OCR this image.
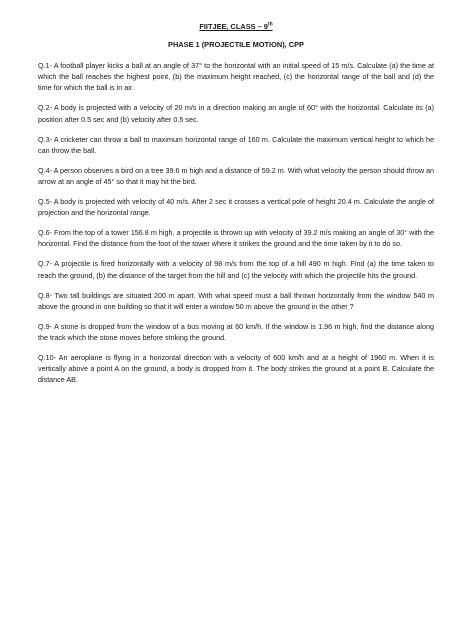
FIITJEE, CLASS – 9th

PHASE 1 (PROJECTILE MOTION), CPP

Q.1- A football player kicks a ball at an angle of 37° to the horizontal with an initial speed of 15 m/s. Calculate (a) the time at which the ball reaches the highest point, (b) the maximum height reached, (c) the horizontal range of the ball and (d) the time for which the ball is in air.

Q.2- A body is projected with a velocity of 20 m/s in a direction making an angle of 60° with the horizontal. Calculate its (a) position after 0.5 sec and (b) velocity after 0.5 sec.

Q.3- A cricketer can throw a ball to maximum horizontal range of 160 m. Calculate the maximum vertical height to which he can throw the ball.

Q.4- A person observes a bird on a tree 39.6 m high and a distance of 59.2 m. With what velocity the person should throw an arrow at an angle of 45° so that it may hit the bird.

Q.5- A body is projected with velocity of 40 m/s. After 2 sec it crosses a vertical pole of height 20.4 m. Calculate the angle of projection and the horizontal range.

Q.6- From the top of a tower 156.8 m high, a projectile is thrown up with velocity of 39.2 m/s making an angle of 30° with the horizontal. Find the distance from the foot of the tower where it strikes the ground and the time taken by it to do so.

Q.7- A projectile is fired horizontally with a velocity of 98 m/s from the top of a hill 490 m high. Find (a) the time taken to reach the ground, (b) the distance of the target from the hill and (c) the velocity with which the projectile hits the ground.

Q.8- Two tall buildings are situated 200 m apart. With what speed must a ball thrown horizontally from the window 540 m above the ground in one building so that it will enter a window 50 m above the ground in the other ?

Q.9- A stone is dropped from the window of a bus moving at 60 km/h. If the window is 1.96 m high, find the distance along the track which the stone moves before striking the ground.

Q.10- An aeroplane is flying in a horizontal direction with a velocity of 600 km/h and at a height of 1960 m. When it is vertically above a point A on the ground, a body is dropped from it. The body strikes the ground at a point B. Calculate the distance AB.
